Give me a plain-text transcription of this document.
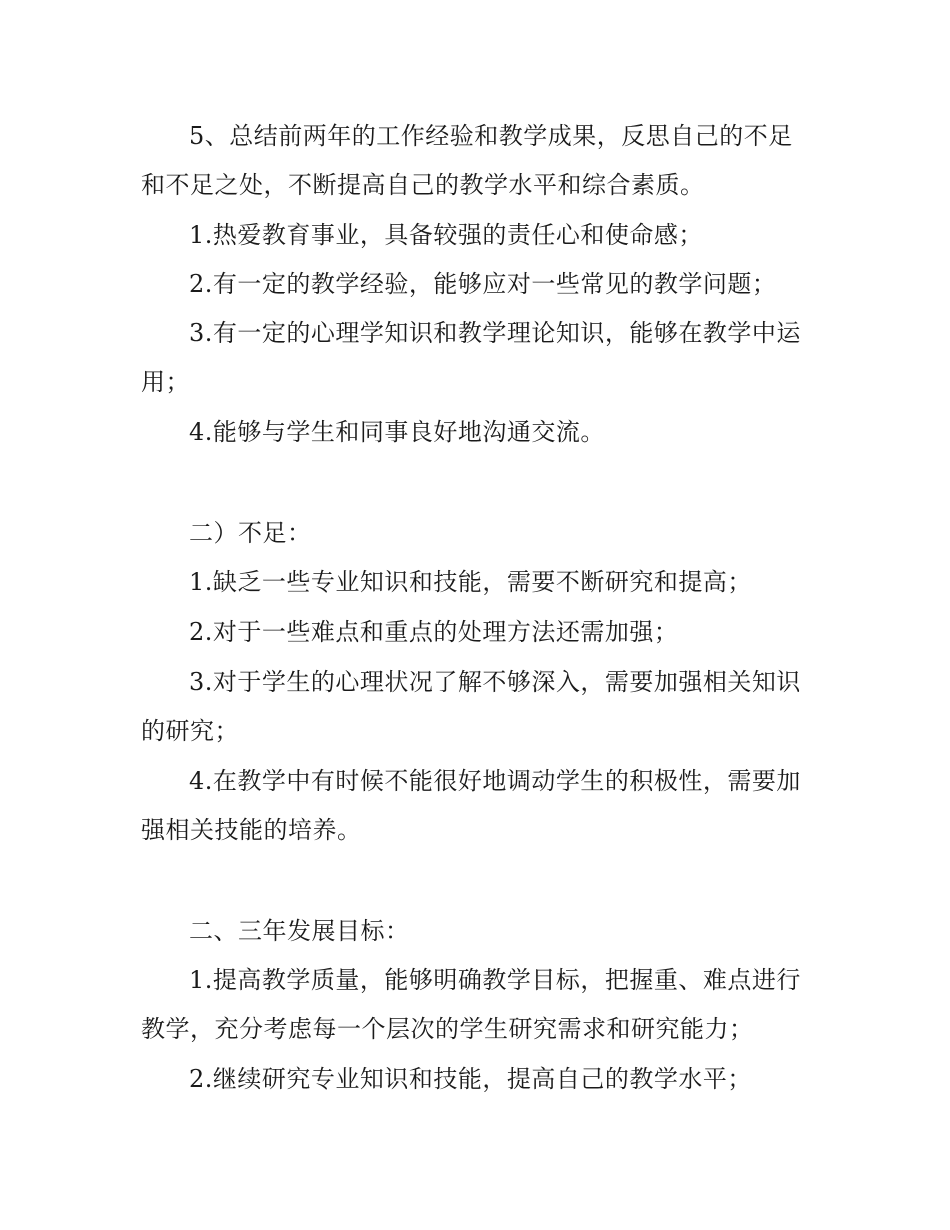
5、总结前两年的工作经验和教学成果，反思自己的不足和不足之处，不断提高自己的教学水平和综合素质。

1.热爱教育事业，具备较强的责任心和使命感；

2.有一定的教学经验，能够应对一些常见的教学问题；

3.有一定的心理学知识和教学理论知识，能够在教学中运用；

4.能够与学生和同事良好地沟通交流。

二）不足：

1.缺乏一些专业知识和技能，需要不断研究和提高；

2.对于一些难点和重点的处理方法还需加强；

3.对于学生的心理状况了解不够深入，需要加强相关知识的研究；

4.在教学中有时候不能很好地调动学生的积极性，需要加强相关技能的培养。

二、三年发展目标：

1.提高教学质量，能够明确教学目标，把握重、难点进行教学，充分考虑每一个层次的学生研究需求和研究能力；

2.继续研究专业知识和技能，提高自己的教学水平；
